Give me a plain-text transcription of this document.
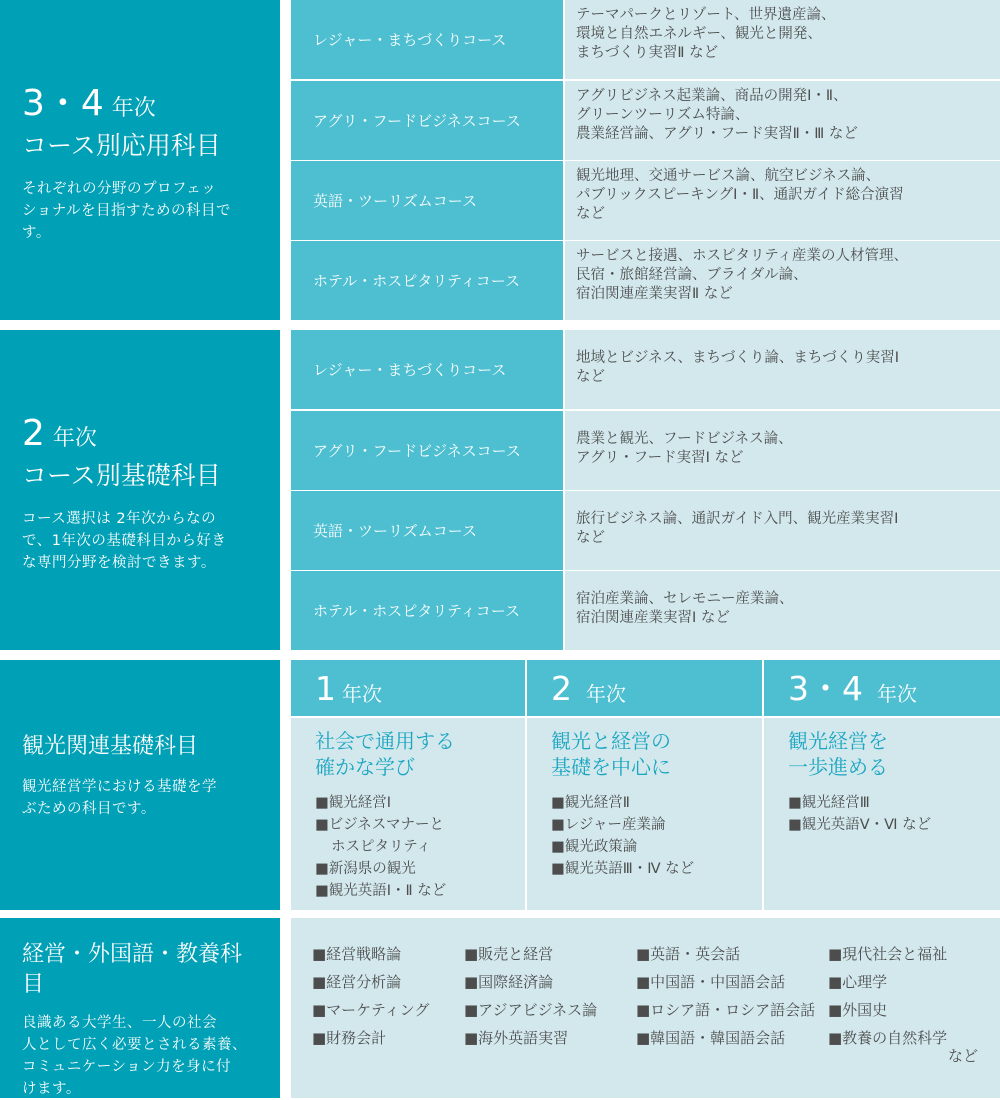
3・4 年次
コース別応用科目
それぞれの分野のプロフェッ
ショナルを目指すための科目で
す。
レジャー・まちづくりコース
テーマパークとリゾート、世界遺産論、
環境と自然エネルギー、観光と開発、
まちづくり実習Ⅱ など
アグリ・フードビジネスコース
アグリビジネス起業論、商品の開発Ⅰ・Ⅱ、
グリーンツーリズム特論、
農業経営論、アグリ・フード実習Ⅱ・Ⅲ など
英語・ツーリズムコース
観光地理、交通サービス論、航空ビジネス論、
パブリックスピーキングⅠ・Ⅱ、通訳ガイド総合演習
など
ホテル・ホスピタリティコース
サービスと接遇、ホスピタリティ産業の人材管理、
民宿・旅館経営論、ブライダル論、
宿泊関連産業実習Ⅱ など
2 年次
コース別基礎科目
コース選択は 2年次からなの
で、1年次の基礎科目から好き
な専門分野を検討できます。
レジャー・まちづくりコース
地域とビジネス、まちづくり論、まちづくり実習Ⅰ
など
アグリ・フードビジネスコース
農業と観光、フードビジネス論、
アグリ・フード実習Ⅰ など
英語・ツーリズムコース
旅行ビジネス論、通訳ガイド入門、観光産業実習Ⅰ
など
ホテル・ホスピタリティコース
宿泊産業論、セレモニー産業論、
宿泊関連産業実習Ⅰ など
観光関連基礎科目
観光経営学における基礎を学
ぶための科目です。
1 年次
社会で通用する
確かな学び
■観光経営Ⅰ
■ビジネスマナーと
ホスピタリティ
■新潟県の観光
■観光英語Ⅰ・Ⅱ など
2 年次
観光と経営の
基礎を中心に
■観光経営Ⅱ
■レジャー産業論
■観光政策論
■観光英語Ⅲ・Ⅳ など
3・4 年次
観光経営を
一歩進める
■観光経営Ⅲ
■観光英語Ⅴ・Ⅵ など
経営・外国語・教養科目
良識ある大学生、一人の社会
人として広く必要とされる素養、
コミュニケーション力を身に付
けます。
■経営戦略論
■経営分析論
■マーケティング
■財務会計
■販売と経営
■国際経済論
■アジアビジネス論
■海外英語実習
■英語・英会話
■中国語・中国語会話
■ロシア語・ロシア語会話
■韓国語・韓国語会話
■現代社会と福祉
■心理学
■外国史
■教養の自然科学
など
